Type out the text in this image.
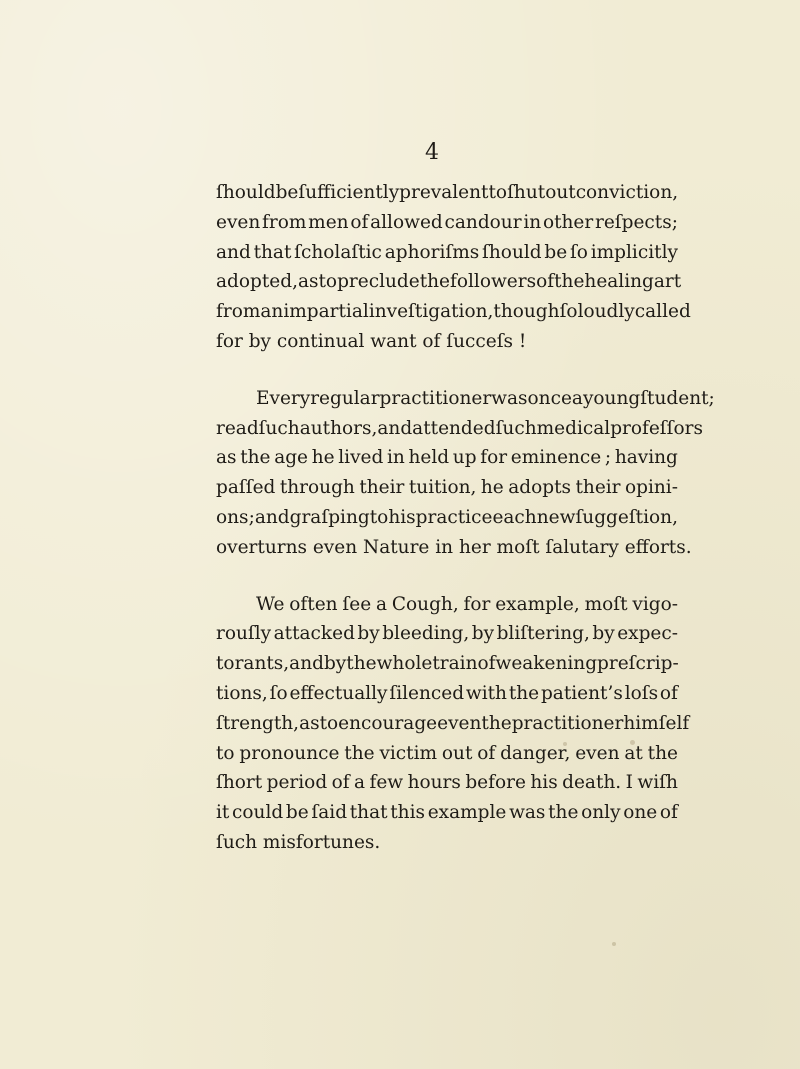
4
ſhould be ſufficiently prevalent to ſhut out conviction,
even from men of allowed candour in other reſpects;
and that ſcholaſtic aphoriſms ſhould be ſo implicitly
adopted, as to preclude the followers of the healing art
from an impartial inveſtigation, though ſo loudly called
for by continual want of ſucceſs !
Every regular practitioner was once a young ſtudent ;
read ſuch authors, and attended ſuch medical profeſſors
as the age he lived in held up for eminence ; having
paſſed through their tuition, he adopts their opini-
ons ; and graſping to his practice each new ſuggeſtion,
overturns even Nature in her moſt ſalutary efforts.
We often ſee a Cough, for example, moſt vigo-
rouſly attacked by bleeding, by bliſtering, by expec-
torants, and by the whole train of weakening preſcrip-
tions, ſo effectually ſilenced with the patient’s loſs of
ſtrength, as to encourage even the practitioner himſelf
to pronounce the victim out of danger, even at the
ſhort period of a few hours before his death. I wiſh
it could be ſaid that this example was the only one of
ſuch misfortunes.
